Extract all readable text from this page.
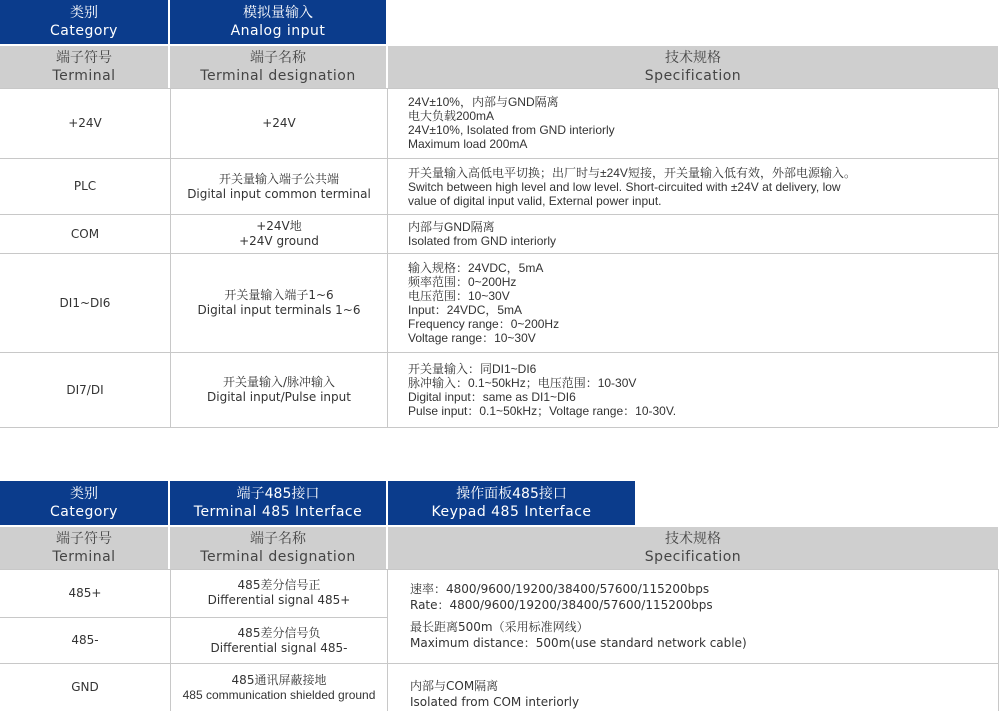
类别
Category
模拟量输入
Analog input
端子符号
Terminal
端子名称
Terminal designation
技术规格
Specification
+24V	+24V
24V±10%，内部与GND隔离
电大负载200mA
24V±10%, Isolated from GND interiorly
Maximum load 200mA
PLC
开关量输入端子公共端
Digital input common terminal
开关量输入高低电平切换；出厂时与±24V短接，开关量输入低有效，外部电源输入。
Switch between high level and low level. Short-circuited with ±24V at delivery, low
value of digital input valid, External power input.
COM
+24V地
+24V ground
内部与GND隔离
Isolated from GND interiorly
DI1~DI6
开关量输入端子1~6
Digital input terminals 1~6
输入规格：24VDC，5mA
频率范围：0~200Hz
电压范围：10~30V
Input：24VDC，5mA
Frequency range：0~200Hz
Voltage range：10~30V
DI7/DI
开关量输入/脉冲输入
Digital input/Pulse input
开关量输入：同DI1~DI6
脉冲输入：0.1~50kHz；电压范围：10-30V
Digital input：same as DI1~DI6
Pulse input：0.1~50kHz；Voltage range：10-30V.
类别
Category
端子485接口
Terminal 485 Interface
操作面板485接口
Keypad 485 Interface
端子符号
Terminal
端子名称
Terminal designation
技术规格
Specification
485+
485差分信号正
Differential signal 485+
485-
485差分信号负
Differential signal 485-
速率：4800/9600/19200/38400/57600/115200bps
Rate：4800/9600/19200/38400/57600/115200bps
最长距离500m（采用标准网线）
Maximum distance：500m(use standard network cable)
GND	485通讯屏蔽接地
485 communication shielded ground
内部与COM隔离
Isolated from COM interiorly
